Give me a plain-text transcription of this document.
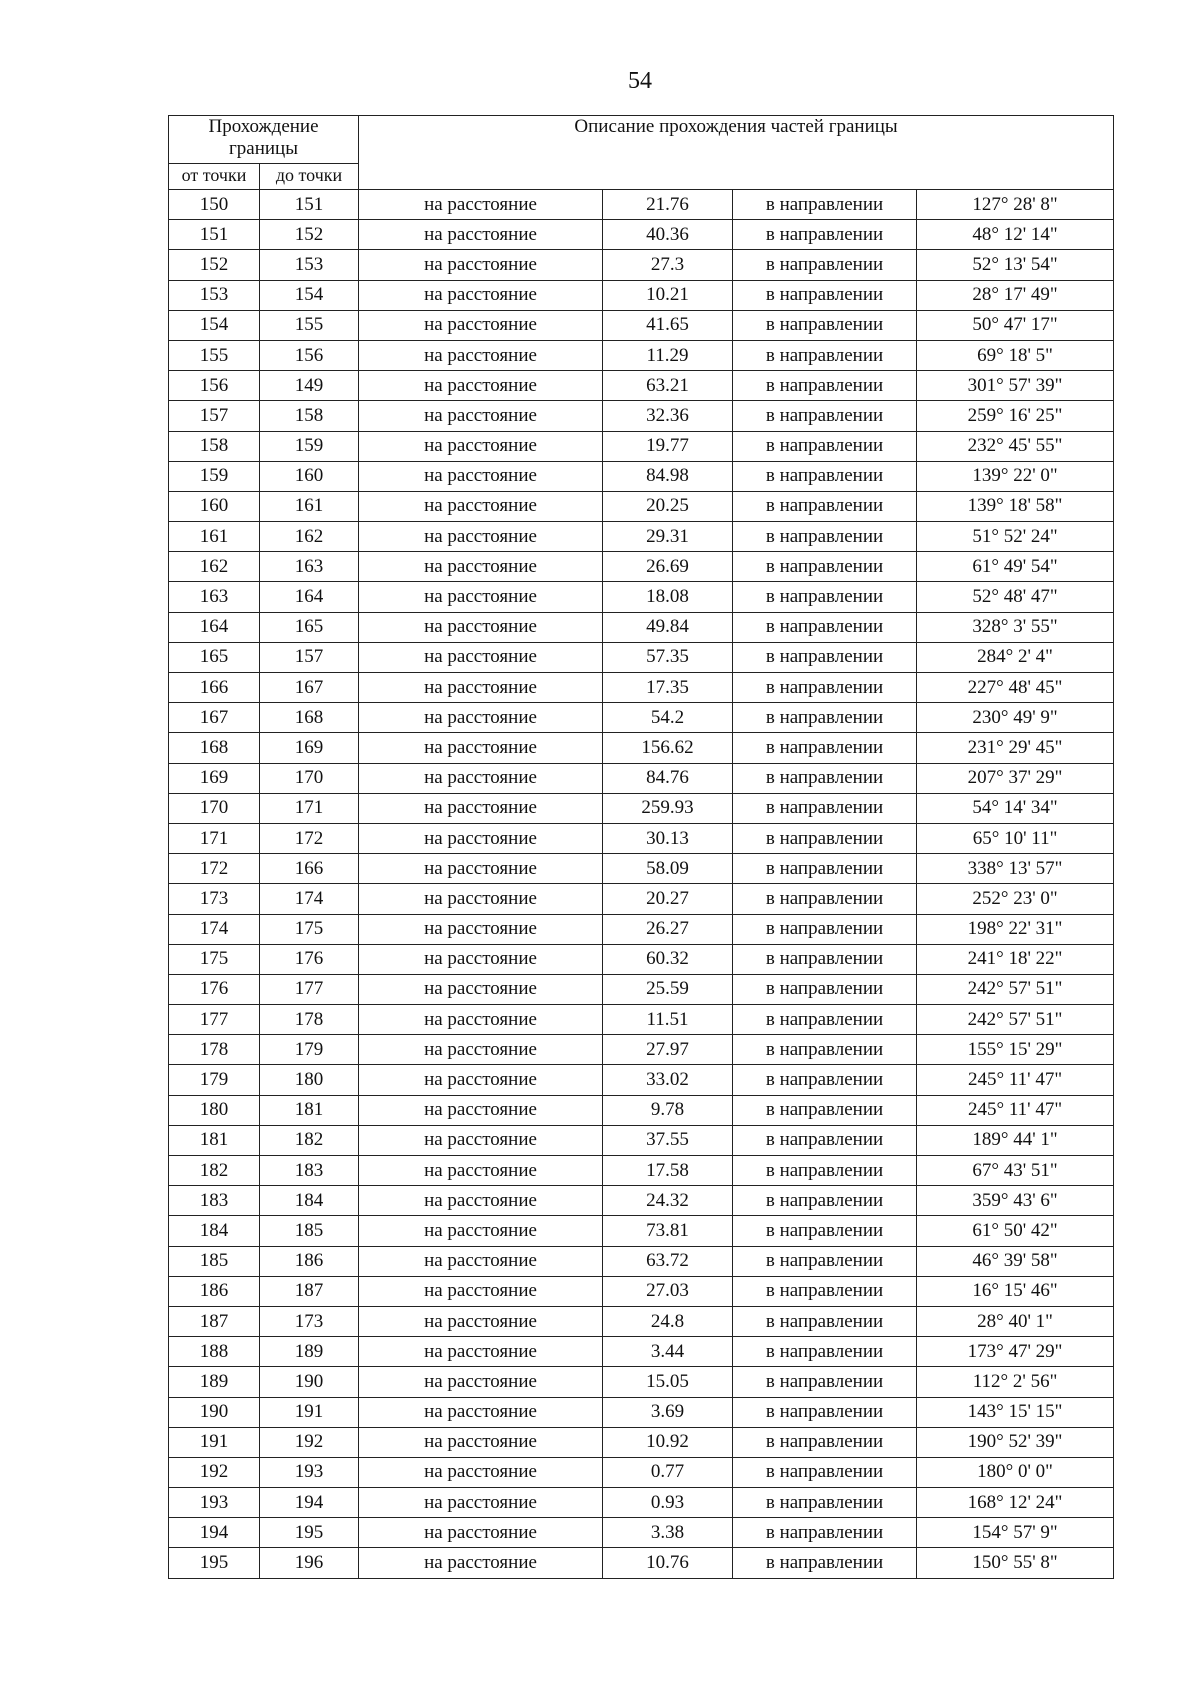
54
Прохождение границы		Описание прохождения частей границы			
от точки	до точки				
150	151	на расстояние	21.76	в направлении	127° 28' 8"
151	152	на расстояние	40.36	в направлении	48° 12' 14"
152	153	на расстояние	27.3	в направлении	52° 13' 54"
153	154	на расстояние	10.21	в направлении	28° 17' 49"
154	155	на расстояние	41.65	в направлении	50° 47' 17"
155	156	на расстояние	11.29	в направлении	69° 18' 5"
156	149	на расстояние	63.21	в направлении	301° 57' 39"
157	158	на расстояние	32.36	в направлении	259° 16' 25"
158	159	на расстояние	19.77	в направлении	232° 45' 55"
159	160	на расстояние	84.98	в направлении	139° 22' 0"
160	161	на расстояние	20.25	в направлении	139° 18' 58"
161	162	на расстояние	29.31	в направлении	51° 52' 24"
162	163	на расстояние	26.69	в направлении	61° 49' 54"
163	164	на расстояние	18.08	в направлении	52° 48' 47"
164	165	на расстояние	49.84	в направлении	328° 3' 55"
165	157	на расстояние	57.35	в направлении	284° 2' 4"
166	167	на расстояние	17.35	в направлении	227° 48' 45"
167	168	на расстояние	54.2	в направлении	230° 49' 9"
168	169	на расстояние	156.62	в направлении	231° 29' 45"
169	170	на расстояние	84.76	в направлении	207° 37' 29"
170	171	на расстояние	259.93	в направлении	54° 14' 34"
171	172	на расстояние	30.13	в направлении	65° 10' 11"
172	166	на расстояние	58.09	в направлении	338° 13' 57"
173	174	на расстояние	20.27	в направлении	252° 23' 0"
174	175	на расстояние	26.27	в направлении	198° 22' 31"
175	176	на расстояние	60.32	в направлении	241° 18' 22"
176	177	на расстояние	25.59	в направлении	242° 57' 51"
177	178	на расстояние	11.51	в направлении	242° 57' 51"
178	179	на расстояние	27.97	в направлении	155° 15' 29"
179	180	на расстояние	33.02	в направлении	245° 11' 47"
180	181	на расстояние	9.78	в направлении	245° 11' 47"
181	182	на расстояние	37.55	в направлении	189° 44' 1"
182	183	на расстояние	17.58	в направлении	67° 43' 51"
183	184	на расстояние	24.32	в направлении	359° 43' 6"
184	185	на расстояние	73.81	в направлении	61° 50' 42"
185	186	на расстояние	63.72	в направлении	46° 39' 58"
186	187	на расстояние	27.03	в направлении	16° 15' 46"
187	173	на расстояние	24.8	в направлении	28° 40' 1"
188	189	на расстояние	3.44	в направлении	173° 47' 29"
189	190	на расстояние	15.05	в направлении	112° 2' 56"
190	191	на расстояние	3.69	в направлении	143° 15' 15"
191	192	на расстояние	10.92	в направлении	190° 52' 39"
192	193	на расстояние	0.77	в направлении	180° 0' 0"
193	194	на расстояние	0.93	в направлении	168° 12' 24"
194	195	на расстояние	3.38	в направлении	154° 57' 9"
195	196	на расстояние	10.76	в направлении	150° 55' 8"
